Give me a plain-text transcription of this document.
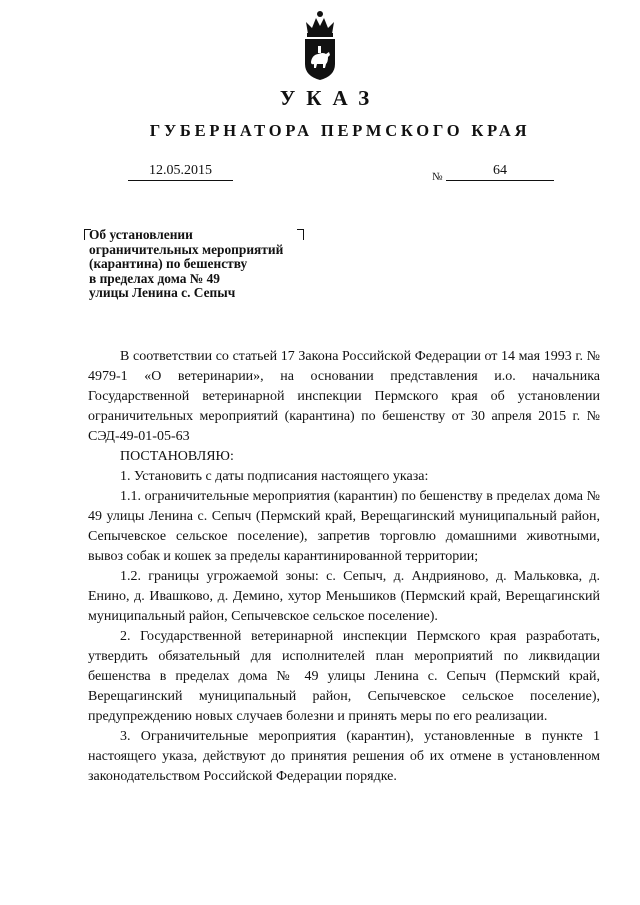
УКАЗ
ГУБЕРНАТОРА ПЕРМСКОГО КРАЯ
12.05.2015	№	64
Об установлении
ограничительных мероприятий
(карантина) по бешенству
в пределах дома № 49
улицы Ленина с. Сепыч

В соответствии со статьей 17 Закона Российской Федерации от 14 мая 1993 г. № 4979-1 «О ветеринарии», на основании представления и.о. начальника Государственной ветеринарной инспекции Пермского края об установлении ограничительных мероприятий (карантина) по бешенству от 30 апреля 2015 г. № СЭД-49-01-05-63

ПОСТАНОВЛЯЮ:

1. Установить с даты подписания настоящего указа:

1.1. ограничительные мероприятия (карантин) по бешенству в пределах дома № 49 улицы Ленина с. Сепыч (Пермский край, Верещагинский муниципальный район, Сепычевское сельское поселение), запретив торговлю домашними животными, вывоз собак и кошек за пределы карантинированной территории;

1.2. границы угрожаемой зоны: с. Сепыч, д. Андрияново, д. Мальковка, д. Енино, д. Ивашково, д. Демино, хутор Меньшиков (Пермский край, Верещагинский муниципальный район, Сепычевское сельское поселение).

2. Государственной ветеринарной инспекции Пермского края разработать, утвердить обязательный для исполнителей план мероприятий по ликвидации бешенства в пределах дома № 49 улицы Ленина с. Сепыч (Пермский край, Верещагинский муниципальный район, Сепычевское сельское поселение), предупреждению новых случаев болезни и принять меры по его реализации.

3. Ограничительные мероприятия (карантин), установленные в пункте 1 настоящего указа, действуют до принятия решения об их отмене в установленном законодательством Российской Федерации порядке.
